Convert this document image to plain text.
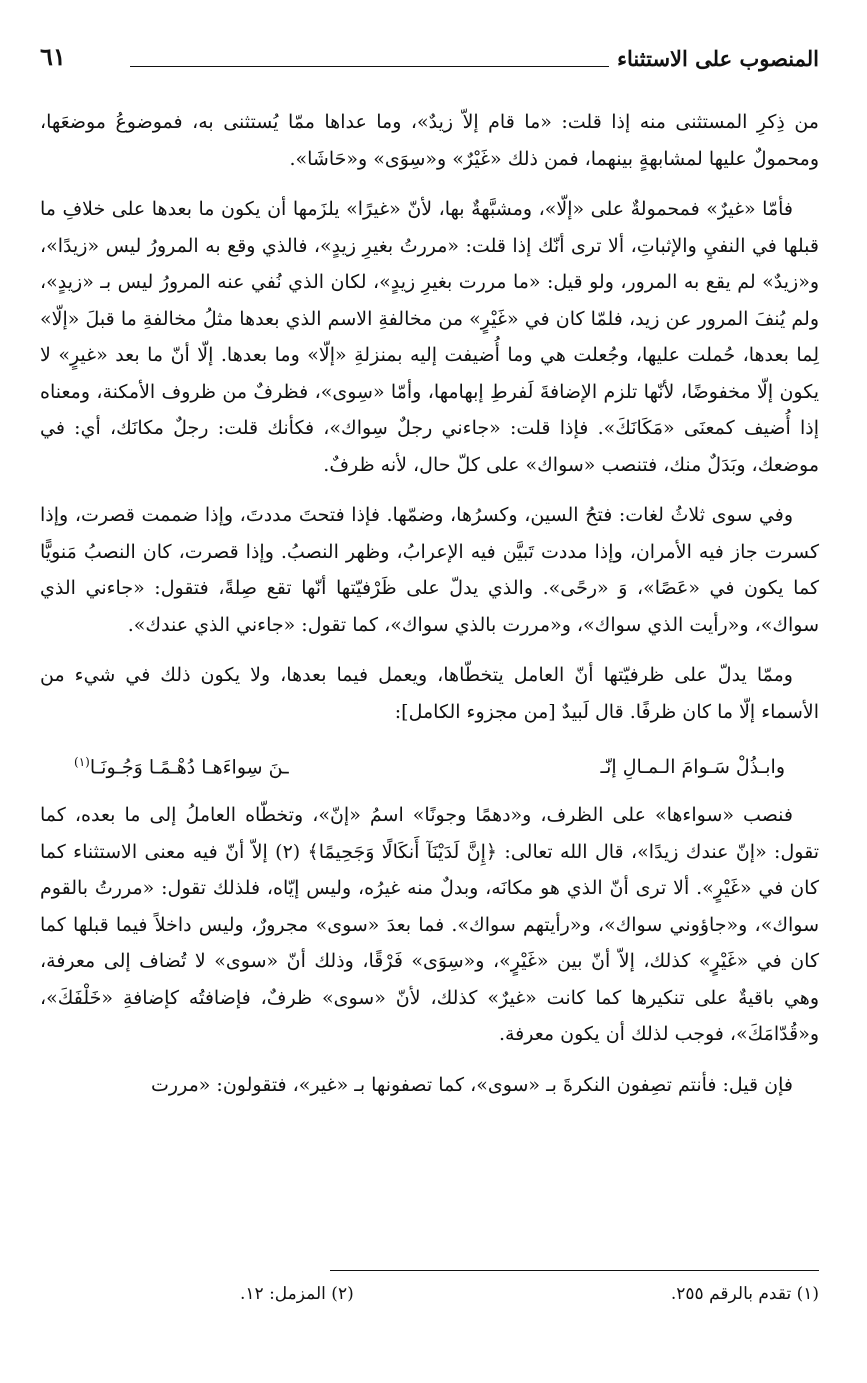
المنصوب على الاستثناء
٦١

من ذِكرِ المستثنى منه إذا قلت: «ما قام إلاّ زيدٌ»، وما عداها ممّا يُستثنى به، فموضوعُ موضعَها، ومحمولٌ عليها لمشابهةٍ بينهما، فمن ذلك «غَيْرٌ» و«سِوَى» و«حَاشَا».

فأمّا «غيرٌ» فمحمولةٌ على «إلّا»، ومشبَّهةٌ بها، لأنّ «غيرًا» يلزَمها أن يكون ما بعدها على خلافِ ما قبلها في النفيِ والإثباتِ، ألا ترى أنّك إذا قلت: «مررتُ بغيرِ زيدٍ»، فالذي وقع به المرورُ ليس «زيدًا»، و«زيدٌ» لم يقع به المرور، ولو قيل: «ما مررت بغيرِ زيدٍ»، لكان الذي نُفي عنه المرورُ ليس بـ «زيدٍ»، ولم يُنفَ المرور عن زيد، فلمّا كان في «غَيْرٍ» من مخالفةِ الاسم الذي بعدها مثلُ مخالفةِ ما قبلَ «إلّا» لِما بعدها، حُملت عليها، وجُعلت هي وما أُضيفت إليه بمنزلةِ «إلّا» وما بعدها. إلّا أنّ ما بعد «غيرٍ» لا يكون إلّا مخفوضًا، لأنّها تلزم الإضافةَ لَفرطِ إبهامها، وأمّا «سِوى»، فظرفٌ من ظروف الأمكنة، ومعناه إذا أُضيف كمعنَى «مَكَانَكَ». فإذا قلت: «جاءني رجلٌ سِواك»، فكأنك قلت: رجلٌ مكانَك، أي: في موضعك، وبَدَلٌ منك، فتنصب «سواك» على كلّ حال، لأنه ظرفٌ.

وفي سوى ثلاثُ لغات: فتحُ السين، وكسرُها، وضمّها. فإذا فتحتَ مددتَ، وإذا ضممت قصرت، وإذا كسرت جاز فيه الأمران، وإذا مددت تَبيَّن فيه الإعرابُ، وظهر النصبُ. وإذا قصرت، كان النصبُ مَنويًّا كما يكون في «عَصًا»، وَ «رحًى». والذي يدلّ على ظَرْفيّتها أنّها تقع صِلةً، فتقول: «جاءني الذي سواك»، و«رأيت الذي سواك»، و«مررت بالذي سواك»، كما تقول: «جاءني الذي عندك».

وممّا يدلّ على ظرفيّتها أنّ العامل يتخطّاها، ويعمل فيما بعدها، ولا يكون ذلك في شيء من الأسماء إلّا ما كان ظرفًا. قال لَبيدٌ [من مجزوء الكامل]:

وابـذُلْ سَـوامَ الـمـالِ إنّـ
ـنَ سِواءَهـا دُهْـمًـا وَجُـونَـا$^{(١)}$

فنصب «سواءها» على الظرف، و«دهمًا وجونًا» اسمُ «إنّ»، وتخطّاه العاملُ إلى ما بعده، كما تقول: «إنّ عندك زيدًا»، قال الله تعالى: ﴿إِنَّ لَدَيْنَآ أَنكَالًا وَجَحِيمًا﴾ (٢) إلاّ أنّ فيه معنى الاستثناء كما كان في «غَيْرٍ». ألا ترى أنّ الذي هو مكانَه، وبدلٌ منه غيرُه، وليس إيّاه، فلذلك تقول: «مررتُ بالقوم سواك»، و«جاؤوني سواك»، و«رأيتهم سواك». فما بعدَ «سوى» مجرورٌ، وليس داخلاً فيما قبلها كما كان في «غَيْرٍ» كذلك، إلاّ أنّ بين «غَيْرٍ»، و«سِوَى» فَرْقًا، وذلك أنّ «سوى» لا تُضاف إلى معرفة، وهي باقيةٌ على تنكيرها كما كانت «غيرٌ» كذلك، لأنّ «سوى» ظرفٌ، فإضافتُه كإضافةِ «خَلْفَكَ»، و«قُدّامَكَ»، فوجب لذلك أن يكون معرفة.

فإن قيل: فأنتم تصِفون النكرةَ بـ «سوى»، كما تصفونها بـ «غير»، فتقولون: «مررت

(١) تقدم بالرقم ٢٥٥.
(٢) المزمل: ١٢.
